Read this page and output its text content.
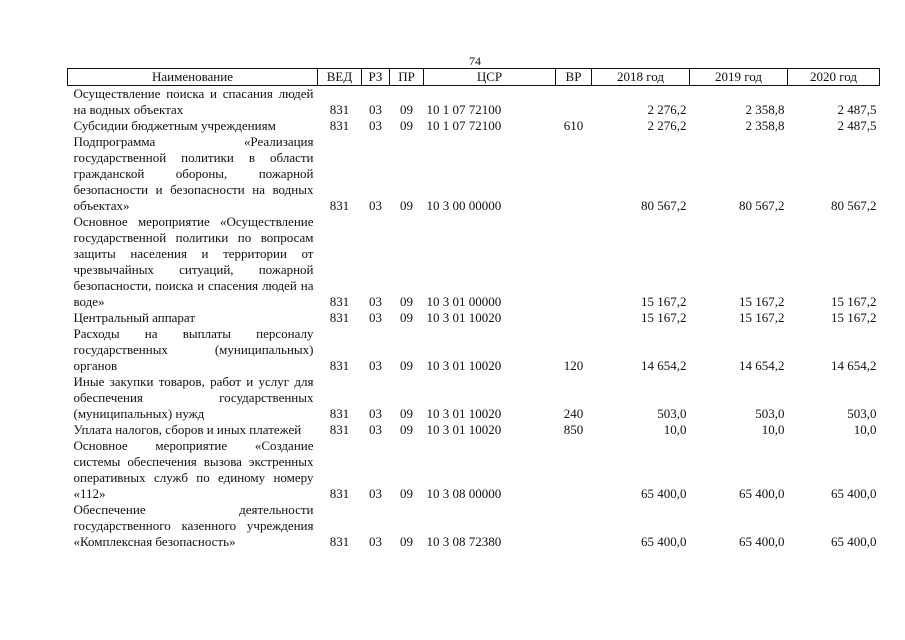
74
Наименование	ВЕД	РЗ	ПР	ЦСР	ВР	2018 год	2019 год	2020 год
Осуществление поиска и спасания людей на водных объектах	831	03	09	10 1 07 72100		2 276,2	2 358,8	2 487,5
Субсидии бюджетным учреждениям	831	03	09	10 1 07 72100	610	2 276,2	2 358,8	2 487,5
Подпрограмма «Реализация государственной политики в области гражданской обороны, пожарной безопасности и безопасности на водных объектах»	831	03	09	10 3 00 00000		80 567,2	80 567,2	80 567,2
Основное мероприятие «Осуществление государственной политики по вопросам защиты населения и территории от чрезвычайных ситуаций, пожарной безопасности, поиска и спасения людей на воде»	831	03	09	10 3 01 00000		15 167,2	15 167,2	15 167,2
Центральный аппарат	831	03	09	10 3 01 10020		15 167,2	15 167,2	15 167,2
Расходы на выплаты персоналу государственных (муниципальных) органов	831	03	09	10 3 01 10020	120	14 654,2	14 654,2	14 654,2
Иные закупки товаров, работ и услуг для обеспечения государственных (муниципальных) нужд	831	03	09	10 3 01 10020	240	503,0	503,0	503,0
Уплата налогов, сборов и иных платежей	831	03	09	10 3 01 10020	850	10,0	10,0	10,0
Основное мероприятие «Создание системы обеспечения вызова экстренных оперативных служб по единому номеру «112»	831	03	09	10 3 08 00000		65 400,0	65 400,0	65 400,0
Обеспечение деятельности государственного казенного учреждения «Комплексная безопасность»	831	03	09	10 3 08 72380		65 400,0	65 400,0	65 400,0
